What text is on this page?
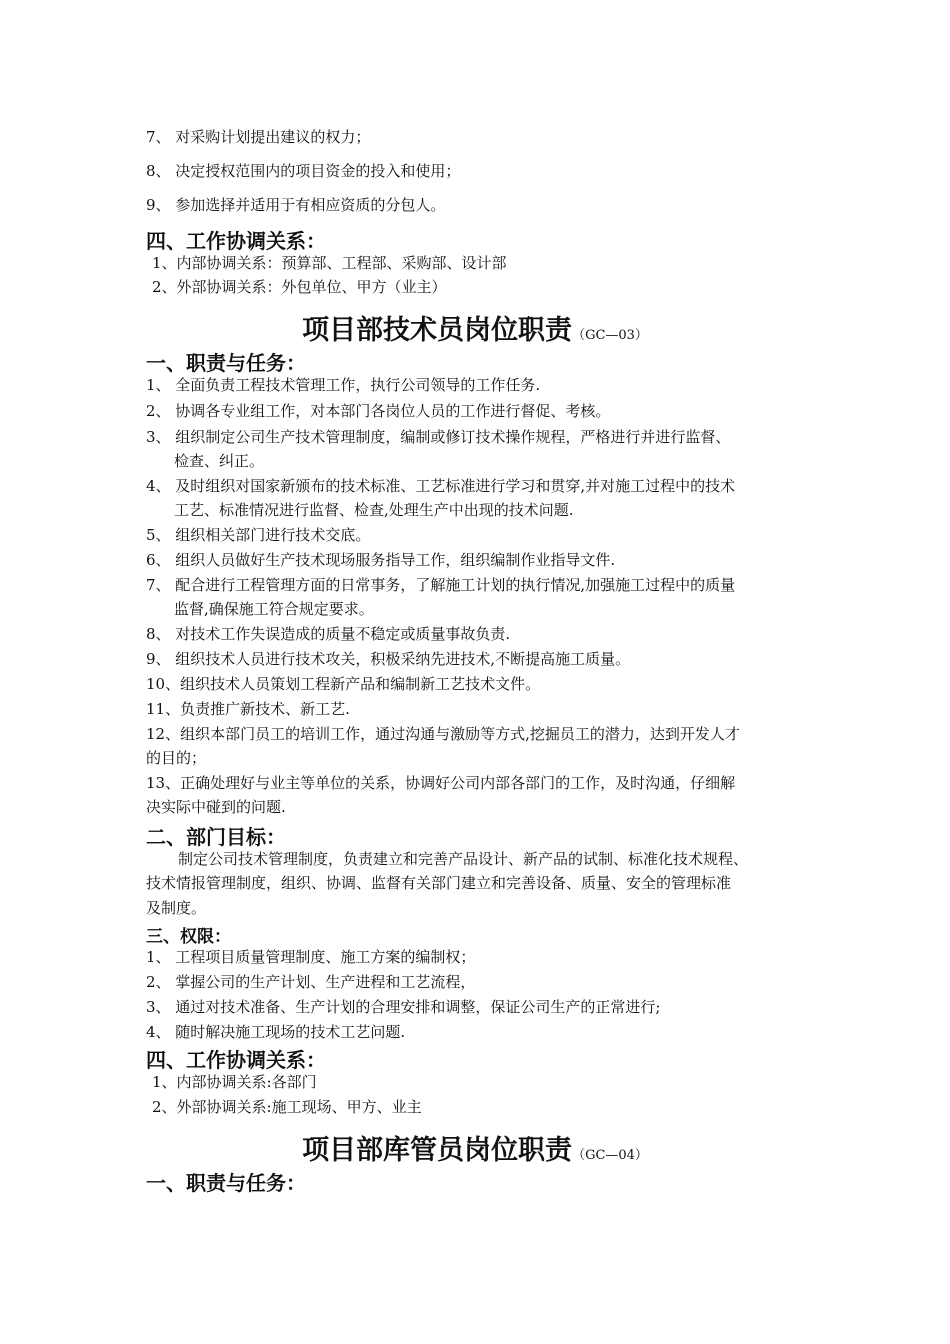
7、 对采购计划提出建议的权力；
8、 决定授权范围内的项目资金的投入和使用；
9、 参加选择并适用于有相应资质的分包人。
四、工作协调关系：
1、内部协调关系：预算部、工程部、采购部、设计部
2、外部协调关系：外包单位、甲方（业主）
项目部技术员岗位职责（GC—03）
一、职责与任务：
1、 全面负责工程技术管理工作，执行公司领导的工作任务.
2、 协调各专业组工作，对本部门各岗位人员的工作进行督促、考核。
3、 组织制定公司生产技术管理制度，编制或修订技术操作规程，严格进行并进行监督、
检查、纠正。
4、 及时组织对国家新颁布的技术标准、工艺标准进行学习和贯穿,并对施工过程中的技术
工艺、标准情况进行监督、检查,处理生产中出现的技术问题.
5、 组织相关部门进行技术交底。
6、 组织人员做好生产技术现场服务指导工作，组织编制作业指导文件.
7、 配合进行工程管理方面的日常事务，了解施工计划的执行情况,加强施工过程中的质量
监督,确保施工符合规定要求。
8、 对技术工作失误造成的质量不稳定或质量事故负责.
9、 组织技术人员进行技术攻关，积极采纳先进技术,不断提高施工质量。
10、组织技术人员策划工程新产品和编制新工艺技术文件。
11、负责推广新技术、新工艺.
12、组织本部门员工的培训工作，通过沟通与激励等方式,挖掘员工的潜力，达到开发人才
的目的；
13、正确处理好与业主等单位的关系，协调好公司内部各部门的工作，及时沟通，仔细解
决实际中碰到的问题.
二、部门目标：
制定公司技术管理制度，负责建立和完善产品设计、新产品的试制、标准化技术规程、
技术情报管理制度，组织、协调、监督有关部门建立和完善设备、质量、安全的管理标准
及制度。
三、权限：
1、 工程项目质量管理制度、施工方案的编制权；
2、 掌握公司的生产计划、生产进程和工艺流程，
3、 通过对技术准备、生产计划的合理安排和调整，保证公司生产的正常进行;
4、 随时解决施工现场的技术工艺问题.
四、工作协调关系：
1、内部协调关系:各部门
2、外部协调关系:施工现场、甲方、业主
项目部库管员岗位职责（GC—04）
一、职责与任务：
